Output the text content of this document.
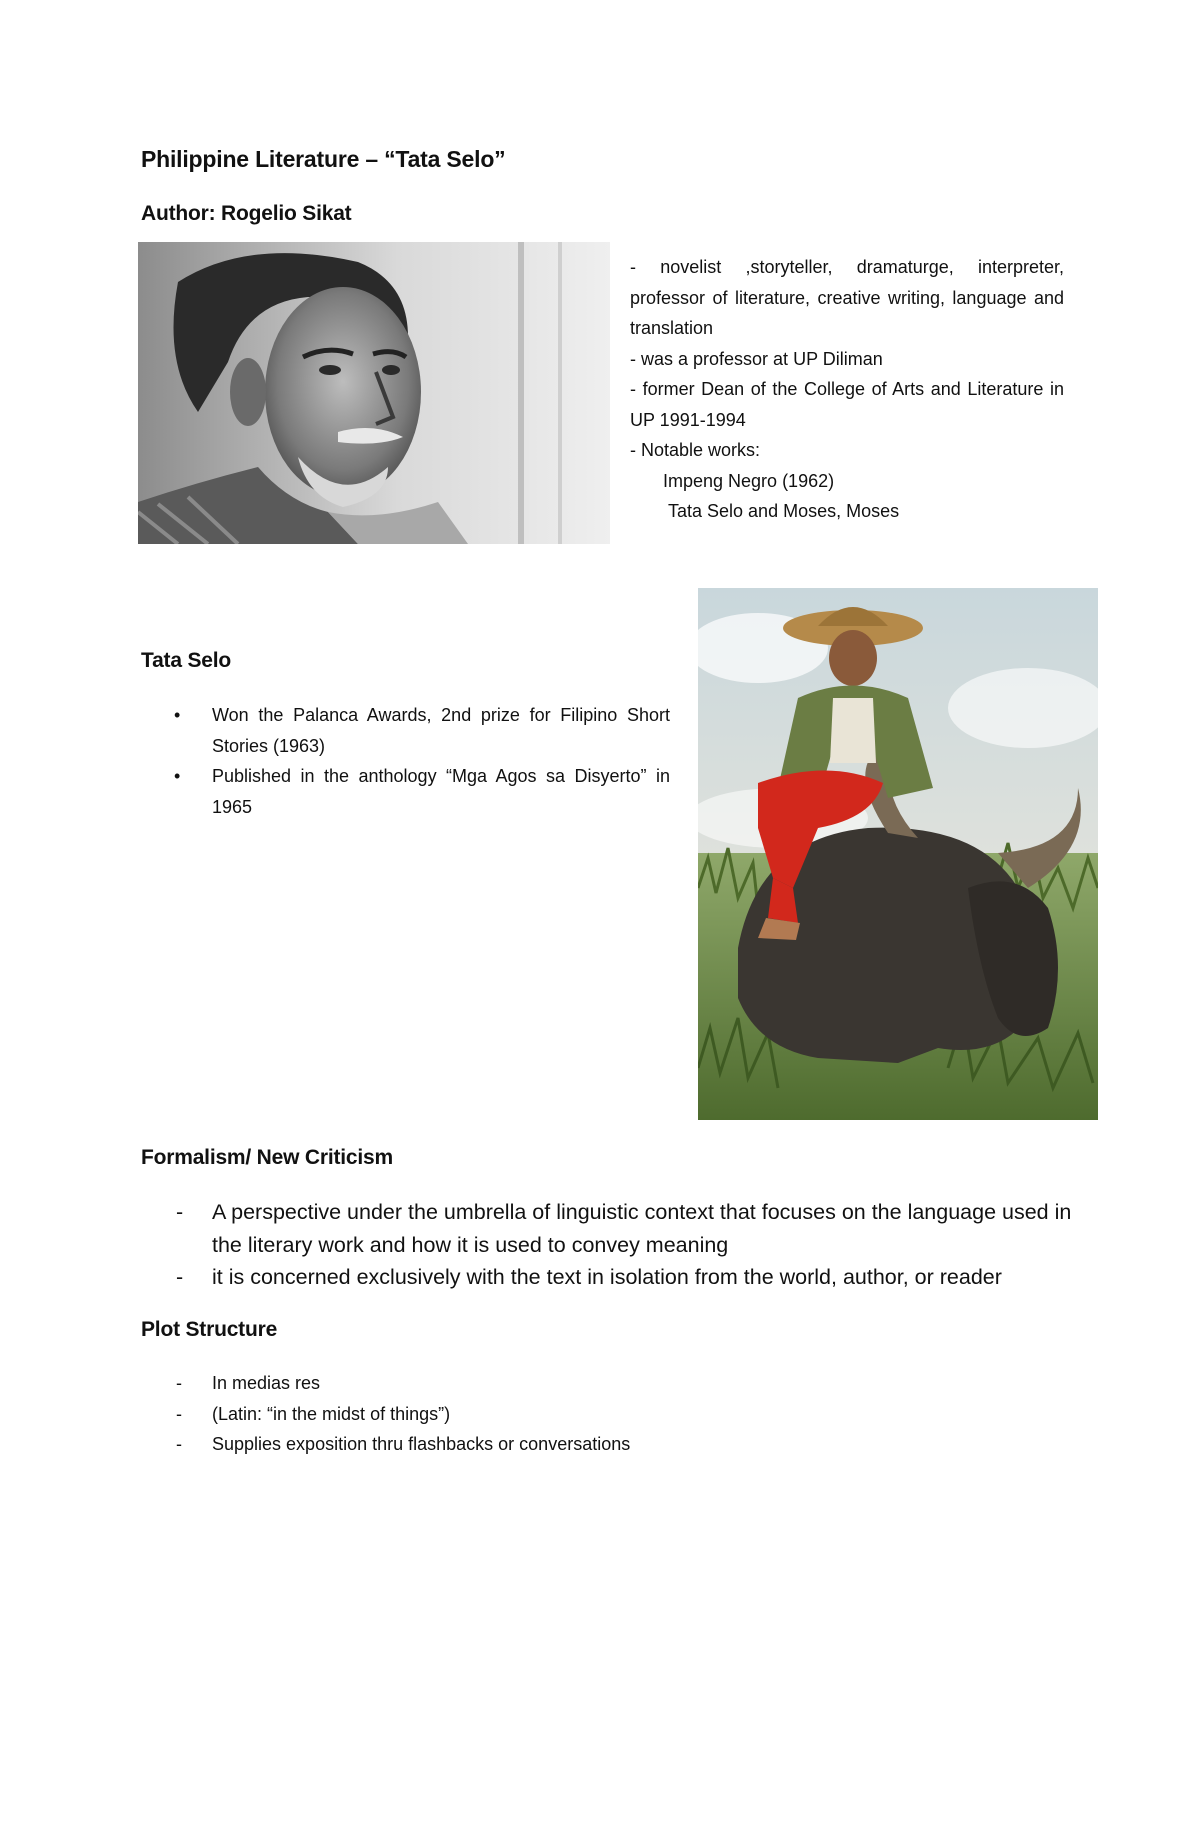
Philippine Literature – “Tata Selo”
Author: Rogelio Sikat
- novelist ,storyteller, dramaturge, interpreter, professor of literature, creative writing, language and translation
- was a professor at UP Diliman
- former Dean of the College of Arts and Literature in UP 1991-1994
- Notable works:
Impeng Negro (1962)
Tata Selo and Moses, Moses
Tata Selo
• Won the Palanca Awards, 2nd prize for Filipino Short Stories (1963)
• Published in the anthology “Mga Agos sa Disyerto” in 1965
Formalism/ New Criticism
- A perspective under the umbrella of linguistic context that focuses on the language used in the literary work and how it is used to convey meaning
- it is concerned exclusively with the text in isolation from the world, author, or reader
Plot Structure
- In medias res
- (Latin: “in the midst of things”)
- Supplies exposition thru flashbacks or conversations
